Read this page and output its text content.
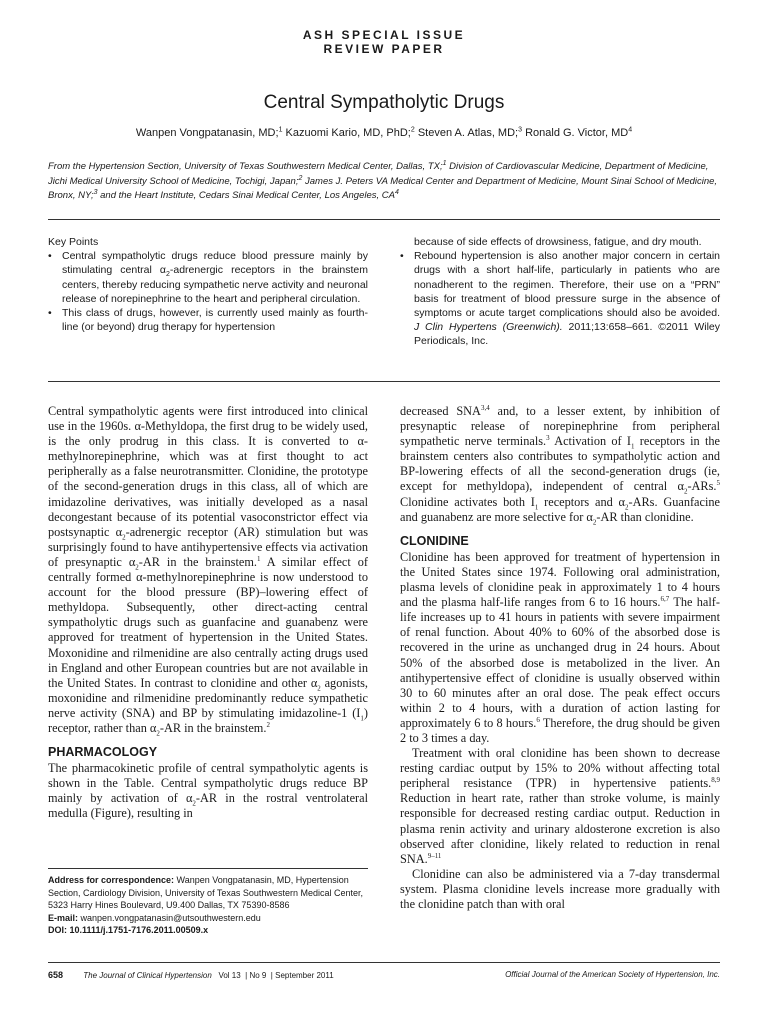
ASH SPECIAL ISSUE
REVIEW PAPER
Central Sympatholytic Drugs
Wanpen Vongpatanasin, MD;$^1$ Kazuomi Kario, MD, PhD;$^2$ Steven A. Atlas, MD;$^3$ Ronald G. Victor, $MD^4$
From the Hypertension Section, University of Texas Southwestern Medical Center, Dallas, TX;$^1$ Division of Cardiovascular Medicine, Department of Medicine, Jichi Medical University School of Medicine, Tochigi, Japan;$^2$ James J. Peters VA Medical Center and Department of Medicine, Mount Sinai School of Medicine, Bronx, NY;$^3$ and the Heart Institute, Cedars Sinai Medical Center, Los Angeles, $CA^4$
Key Points
• Central sympatholytic drugs reduce blood pressure mainly by stimulating central $\alpha_2$-adrenergic receptors in the brainstem centers, thereby reducing sympathetic nerve activity and neuronal release of norepinephrine to the heart and peripheral circulation.
• This class of drugs, however, is currently used mainly as fourth-line (or beyond) drug therapy for hypertension
because of side effects of drowsiness, fatigue, and dry mouth.
• Rebound hypertension is also another major concern in certain drugs with a short half-life, particularly in patients who are nonadherent to the regimen. Therefore, their use on a “PRN” basis for treatment of blood pressure surge in the absence of symptoms or acute target complications should also be avoided. J Clin Hypertens (Greenwich). 2011;13:658–661. ©2011 Wiley Periodicals, Inc.

Central sympatholytic agents were first introduced into clinical use in the 1960s. α-Methyldopa, the first drug to be widely used, is the only prodrug in this class. It is converted to α-methylnorepinephrine, which was at first thought to act peripherally as a false neurotransmitter. Clonidine, the prototype of the second-generation drugs in this class, all of which are imidazoline derivatives, was initially developed as a nasal decongestant because of its potential vasoconstrictor effect via postsynaptic $\alpha_2$-adrenergic receptor (AR) stimulation but was surprisingly found to have antihypertensive effects via activation of presynaptic $\alpha_2-AR$ in the brainstem.$^1$ A similar effect of centrally formed α-methylnorepinephrine is now understood to account for the blood pressure (BP)–lowering effect of methyldopa. Subsequently, other direct-acting central sympatholytic drugs such as guanfacine and guanabenz were approved for treatment of hypertension in the United States. Moxonidine and rilmenidine are also centrally acting drugs used in England and other European countries but are not available in the United States. In contrast to clonidine and other $\alpha_2$ agonists, moxonidine and rilmenidine predominantly reduce sympathetic nerve activity (SNA) and BP by stimulating imidazoline-1 $(I_1)$ receptor, rather than $\alpha_2-AR$ in the brainstem.$^2$

PHARMACOLOGY

The pharmacokinetic profile of central sympatholytic agents is shown in the Table. Central sympatholytic drugs reduce BP mainly by activation of $\alpha_2-AR$ in the rostral ventrolateral medulla (Figure), resulting in

Address for correspondence: Wanpen Vongpatanasin, MD, Hypertension Section, Cardiology Division, University of Texas Southwestern Medical Center, 5323 Harry Hines Boulevard, U9.400 Dallas, TX 75390-8586
E-mail: wanpen.vongpatanasin@utsouthwestern.edu
DOI: 10.1111/j.1751-7176.2011.00509.x

decreased SNA$^{3,4}$ and, to a lesser extent, by inhibition of presynaptic release of norepinephrine from peripheral sympathetic nerve terminals.$^3$ Activation of $I_1$ receptors in the brainstem centers also contributes to sympatholytic action and BP-lowering effects of all the second-generation drugs (ie, except for methyldopa), independent of central $\alpha_2-ARs.^5$ Clonidine activates both $I_1$ receptors and $\alpha_2$-ARs. Guanfacine and guanabenz are more selective for $\alpha_2-AR$ than clonidine.

CLONIDINE

Clonidine has been approved for treatment of hypertension in the United States since 1974. Following oral administration, plasma levels of clonidine peak in approximately 1 to 4 hours and the plasma half-life ranges from 6 to 16 hours.$^{6,7}$ The half-life increases up to 41 hours in patients with severe impairment of renal function. About 40% to 60% of the absorbed dose is recovered in the urine as unchanged drug in 24 hours. About 50% of the absorbed dose is metabolized in the liver. An antihypertensive effect of clonidine is usually observed within 30 to 60 minutes after an oral dose. The peak effect occurs within 2 to 4 hours, with a duration of action lasting for approximately 6 to 8 hours.$^6$ Therefore, the drug should be given 2 to 3 times a day.

Treatment with oral clonidine has been shown to decrease resting cardiac output by 15% to 20% without affecting total peripheral resistance (TPR) in hypertensive patients.$^{8,9}$ Reduction in heart rate, rather than stroke volume, is mainly responsible for decreased resting cardiac output. Reduction in plasma renin activity and urinary aldosterone excretion is also observed after clonidine, likely related to reduction in renal SNA.$^{9-11}$

Clonidine can also be administered via a 7-day transdermal system. Plasma clonidine levels increase more gradually with the clonidine patch than with oral

658	The Journal of Clinical Hypertension Vol 13  | No 9  | September 2011	Official Journal of the American Society of Hypertension, Inc.
